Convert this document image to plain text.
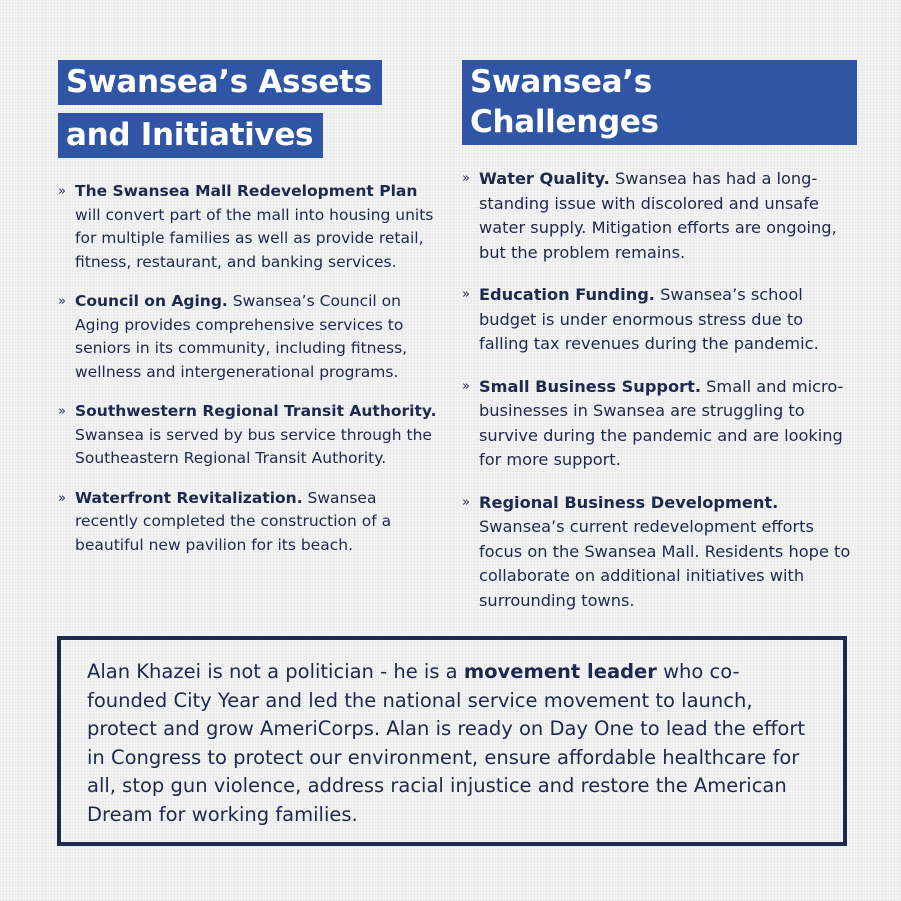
Swansea’s Assets
and Initiatives
» The Swansea Mall Redevelopment Plan will convert part of the mall into housing units for multiple families as well as provide retail, fitness, restaurant, and banking services.
» Council on Aging. Swansea’s Council on Aging provides comprehensive services to seniors in its community, including fitness, wellness and intergenerational programs.
» Southwestern Regional Transit Authority. Swansea is served by bus service through the Southeastern Regional Transit Authority.
» Waterfront Revitalization. Swansea recently completed the construction of a beautiful new pavilion for its beach.
Swansea’s Challenges
» Water Quality. Swansea has had a long-standing issue with discolored and unsafe water supply. Mitigation efforts are ongoing, but the problem remains.
» Education Funding. Swansea’s school budget is under enormous stress due to falling tax revenues during the pandemic.
» Small Business Support. Small and micro-businesses in Swansea are struggling to survive during the pandemic and are looking for more support.
» Regional Business Development. Swansea’s current redevelopment efforts focus on the Swansea Mall. Residents hope to collaborate on additional initiatives with surrounding towns.
Alan Khazei is not a politician - he is a movement leader who co-founded City Year and led the national service movement to launch, protect and grow AmeriCorps. Alan is ready on Day One to lead the effort in Congress to protect our environment, ensure affordable healthcare for all, stop gun violence, address racial injustice and restore the American Dream for working families.
